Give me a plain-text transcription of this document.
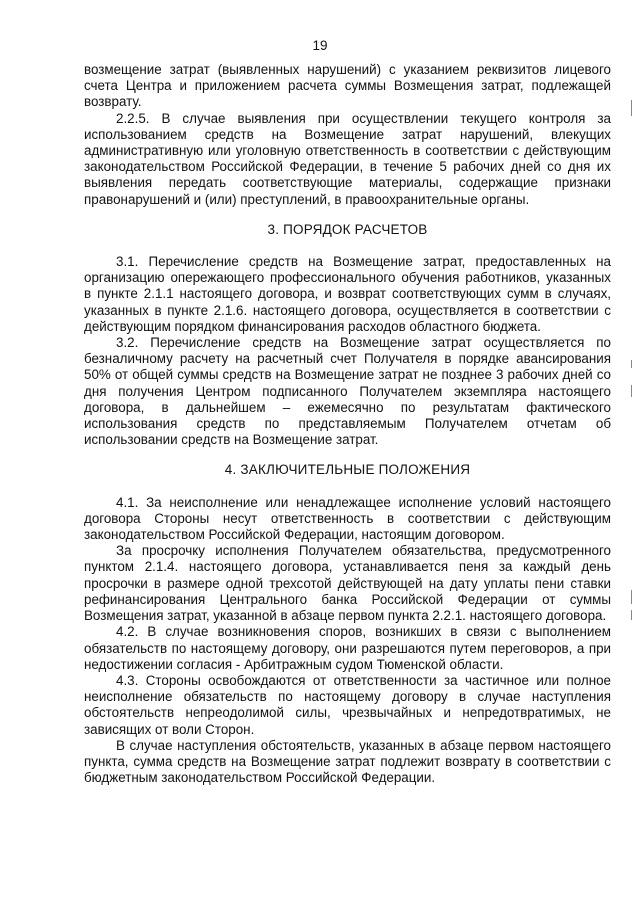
19

возмещение затрат (выявленных нарушений) с указанием реквизитов лицевого счета Центра и приложением расчета суммы Возмещения затрат, подлежащей возврату.

2.2.5. В случае выявления при осуществлении текущего контроля за использованием средств на Возмещение затрат нарушений, влекущих административную или уголовную ответственность в соответствии с действующим законодательством Российской Федерации, в течение 5 рабочих дней со дня их выявления передать соответствующие материалы, содержащие признаки правонарушений и (или) преступлений, в правоохранительные органы.

3. ПОРЯДОК РАСЧЕТОВ

3.1. Перечисление средств на Возмещение затрат, предоставленных на организацию опережающего профессионального обучения работников, указанных в пункте 2.1.1 настоящего договора, и возврат соответствующих сумм в случаях, указанных в пункте 2.1.6. настоящего договора, осуществляется в соответствии с действующим порядком финансирования расходов областного бюджета.

3.2. Перечисление средств на Возмещение затрат осуществляется по безналичному расчету на расчетный счет Получателя в порядке авансирования 50% от общей суммы средств на Возмещение затрат не позднее 3 рабочих дней со дня получения Центром подписанного Получателем экземпляра настоящего договора, в дальнейшем – ежемесячно по результатам фактического использования средств по представляемым Получателем отчетам об использовании средств на Возмещение затрат.

4. ЗАКЛЮЧИТЕЛЬНЫЕ ПОЛОЖЕНИЯ

4.1. За неисполнение или ненадлежащее исполнение условий настоящего договора Стороны несут ответственность в соответствии с действующим законодательством Российской Федерации, настоящим договором.

За просрочку исполнения Получателем обязательства, предусмотренного пунктом 2.1.4. настоящего договора, устанавливается пеня за каждый день просрочки в размере одной трехсотой действующей на дату уплаты пени ставки рефинансирования Центрального банка Российской Федерации от суммы Возмещения затрат, указанной в абзаце первом пункта 2.2.1. настоящего договора.

4.2. В случае возникновения споров, возникших в связи с выполнением обязательств по настоящему договору, они разрешаются путем переговоров, а при недостижении согласия - Арбитражным судом Тюменской области.

4.3. Стороны освобождаются от ответственности за частичное или полное неисполнение обязательств по настоящему договору в случае наступления обстоятельств непреодолимой силы, чрезвычайных и непредотвратимых, не зависящих от воли Сторон.

В случае наступления обстоятельств, указанных в абзаце первом настоящего пункта, сумма средств на Возмещение затрат подлежит возврату в соответствии с бюджетным законодательством Российской Федерации.
